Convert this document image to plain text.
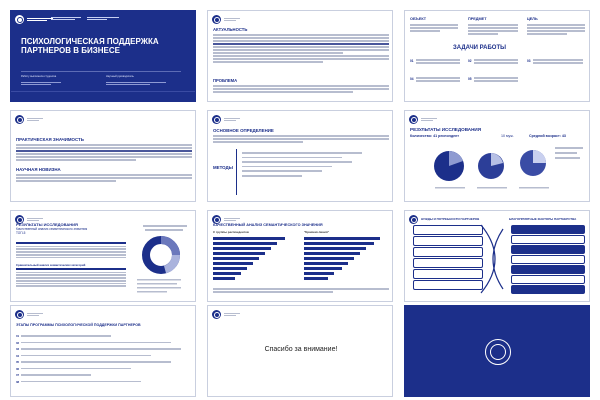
ПСИХОЛОГИЧЕСКАЯ ПОДДЕРЖКА ПАРТНЕРОВ В БИЗНЕСЕ
Работу выполнила студентка	Научный руководитель
АКТУАЛЬНОСТЬ
ПРОБЛЕМА
ОБЪЕКТ	ПРЕДМЕТ	ЦЕЛЬ
ЗАДАЧИ РАБОТЫ
01	02	03
04	05
ПРАКТИЧЕСКАЯ ЗНАЧИМОСТЬ
НАУЧНАЯ НОВИЗНА
ОСНОВНОЕ ОПРЕДЕЛЕНИЕ
МЕТОДЫ
РЕЗУЛЬТАТЫ ИССЛЕДОВАНИЯ
Количество: 41 респондент	10 муж.	Средний возраст: 43
РЕЗУЛЬТАТЫ ИССЛЕДОВАНИЯ
Качественный анализ семантического значения ТОП-5
Сравнительный анализ семантических категорий
КАЧЕСТВЕННЫЙ АНАЛИЗ СЕМАНТИЧЕСКОГО ЗНАЧЕНИЯ
С группы респондентов	"Красная линия"
НУЖДЫ И ПОТРЕБНОСТИ ПАРТНЕРОВ	БЛАГОПРИЯТНЫЕ ФАКТОРЫ ПАРТНЕРСТВА
ЭТАПЫ ПРОГРАММЫ ПСИХОЛОГИЧЕСКОЙ ПОДДЕРЖКИ ПАРТНЕРОВ
01
02
03
04
05
06
07
08
Спасибо за внимание!
